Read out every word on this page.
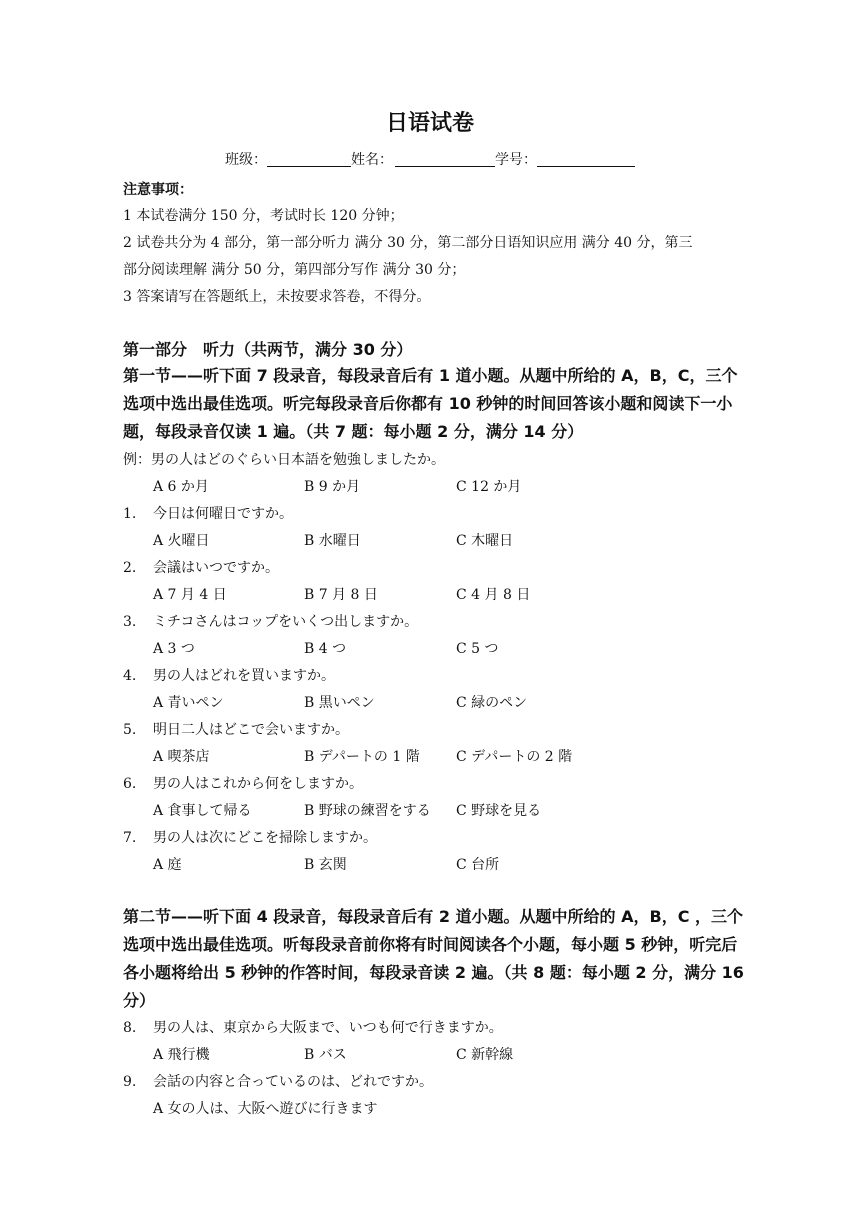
日语试卷
班级：	姓名：	学号：
注意事项：
1 本试卷满分 150 分，考试时长 120 分钟；
2 试卷共分为 4 部分，第一部分听力 满分 30 分，第二部分日语知识应用 满分 40 分，第三
部分阅读理解 满分 50 分，第四部分写作 满分 30 分；
3 答案请写在答题纸上，未按要求答卷，不得分。
第一部分　听力（共两节，满分 30 分）
第一节——听下面 7 段录音，每段录音后有 1 道小题。从题中所给的 A，B，C，三个选项中选出最佳选项。听完每段录音后你都有 10 秒钟的时间回答该小题和阅读下一小题，每段录音仅读 1 遍。（共 7 题：每小题 2 分，满分 14 分）
例：男の人はどのぐらい日本語を勉強しましたか。
A 6 か月	B 9 か月	C 12 か月
1. 今日は何曜日ですか。
A 火曜日	B 水曜日	C 木曜日
2. 会議はいつですか。
A 7 月 4 日	B 7 月 8 日	C 4 月 8 日
3. ミチコさんはコップをいくつ出しますか。
A 3 つ	B 4 つ	C 5 つ
4. 男の人はどれを買いますか。
A 青いペン	B 黒いペン	C 緑のペン
5. 明日二人はどこで会いますか。
A 喫茶店	B デパートの 1 階	C デパートの 2 階
6. 男の人はこれから何をしますか。
A 食事して帰る	B 野球の練習をする C 野球を見る
7. 男の人は次にどこを掃除しますか。
A 庭	B 玄関	C 台所
第二节——听下面 4 段录音，每段录音后有 2 道小题。从题中所给的 A，B，C ，三个选项中选出最佳选项。听每段录音前你将有时间阅读各个小题，每小题 5 秒钟，听完后各小题将给出 5 秒钟的作答时间，每段录音读 2 遍。（共 8 题：每小题 2 分，满分 16 分）
8. 男の人は、東京から大阪まで、いつも何で行きますか。
A 飛行機	B バス	C 新幹線
9. 会話の内容と合っているのは、どれですか。
A 女の人は、大阪へ遊びに行きます
